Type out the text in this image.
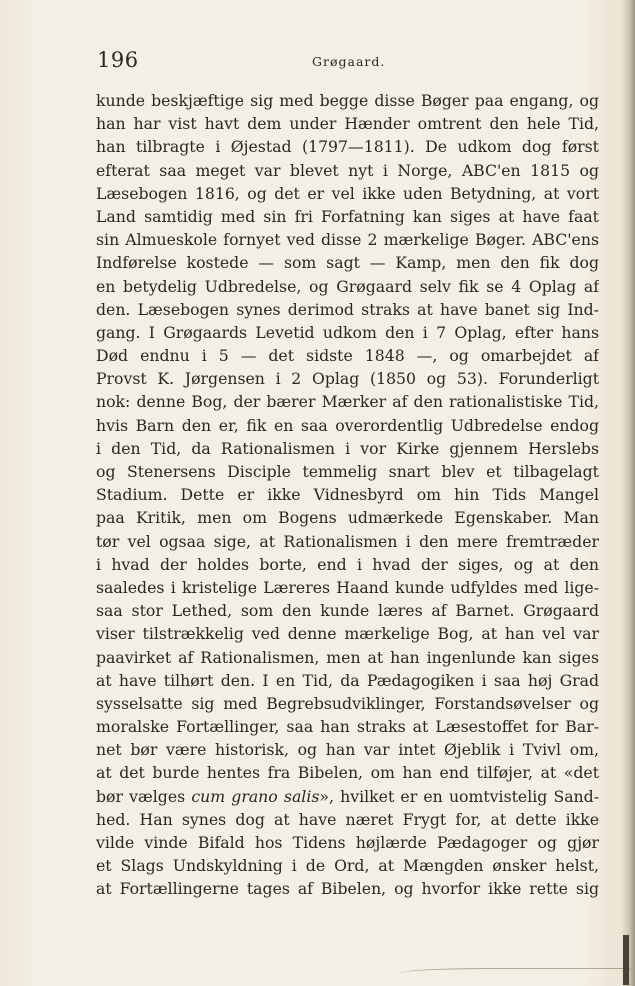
196	Grøgaard.
kunde beskjæftige sig med begge disse Bøger paa engang, og
han har vist havt dem under Hænder omtrent den hele Tid,
han tilbragte i Øjestad (1797—1811). De udkom dog først
efterat saa meget var blevet nyt i Norge, ABC'en 1815 og
Læsebogen 1816, og det er vel ikke uden Betydning, at vort
Land samtidig med sin fri Forfatning kan siges at have faat
sin Almueskole fornyet ved disse 2 mærkelige Bøger. ABC'ens
Indførelse kostede — som sagt — Kamp, men den fik dog
en betydelig Udbredelse, og Grøgaard selv fik se 4 Oplag af
den. Læsebogen synes derimod straks at have banet sig Ind-
gang. I Grøgaards Levetid udkom den i 7 Oplag, efter hans
Død endnu i 5 — det sidste 1848 —, og omarbejdet af
Provst K. Jørgensen i 2 Oplag (1850 og 53). Forunderligt
nok: denne Bog, der bærer Mærker af den rationalistiske Tid,
hvis Barn den er, fik en saa overordentlig Udbredelse endog
i den Tid, da Rationalismen i vor Kirke gjennem Herslebs
og Stenersens Disciple temmelig snart blev et tilbagelagt
Stadium. Dette er ikke Vidnesbyrd om hin Tids Mangel
paa Kritik, men om Bogens udmærkede Egenskaber. Man
tør vel ogsaa sige, at Rationalismen i den mere fremtræder
i hvad der holdes borte, end i hvad der siges, og at den
saaledes i kristelige Læreres Haand kunde udfyldes med lige-
saa stor Lethed, som den kunde læres af Barnet. Grøgaard
viser tilstrækkelig ved denne mærkelige Bog, at han vel var
paavirket af Rationalismen, men at han ingenlunde kan siges
at have tilhørt den. I en Tid, da Pædagogiken i saa høj Grad
sysselsatte sig med Begrebsudviklinger, Forstandsøvelser og
moralske Fortællinger, saa han straks at Læsestoffet for Bar-
net bør være historisk, og han var intet Øjeblik i Tvivl om,
at det burde hentes fra Bibelen, om han end tilføjer, at «det
bør vælges cum grano salis», hvilket er en uomtvistelig Sand-
hed. Han synes dog at have næret Frygt for, at dette ikke
vilde vinde Bifald hos Tidens højlærde Pædagoger og gjør
et Slags Undskyldning i de Ord, at Mængden ønsker helst,
at Fortællingerne tages af Bibelen, og hvorfor ikke rette sig
